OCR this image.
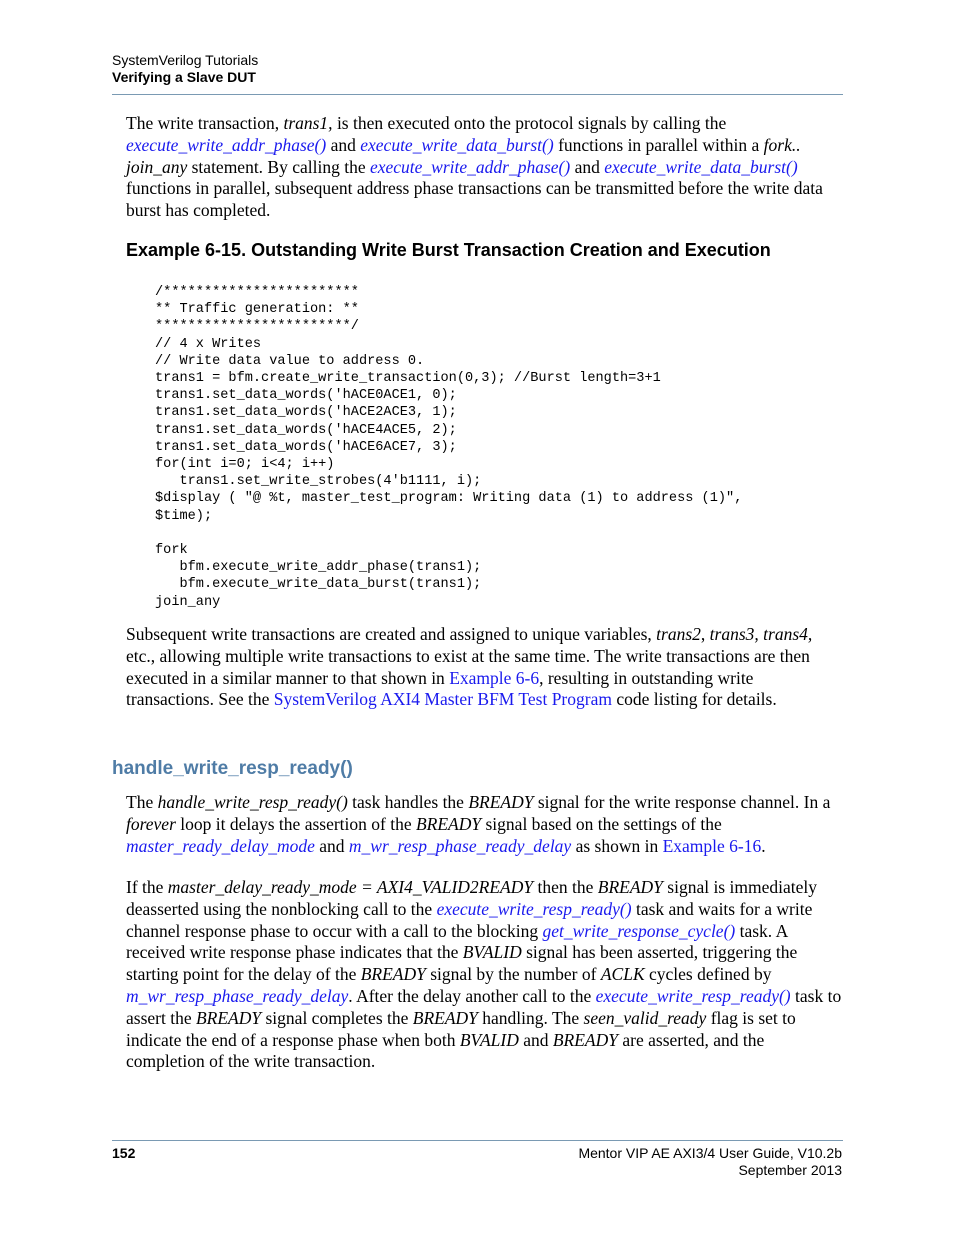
SystemVerilog Tutorials
Verifying a Slave DUT

The write transaction, trans1, is then executed onto the protocol signals by calling the execute_write_addr_phase() and execute_write_data_burst() functions in parallel within a fork.. join_any statement. By calling the execute_write_addr_phase() and execute_write_data_burst() functions in parallel, subsequent address phase transactions can be transmitted before the write data burst has completed.

Example 6-15. Outstanding Write Burst Transaction Creation and Execution
/************************
** Traffic generation: **
************************/
// 4 x Writes
// Write data value to address 0.
trans1 = bfm.create_write_transaction(0,3); //Burst length=3+1
trans1.set_data_words('hACE0ACE1, 0);
trans1.set_data_words('hACE2ACE3, 1);
trans1.set_data_words('hACE4ACE5, 2);
trans1.set_data_words('hACE6ACE7, 3);
for(int i=0; i<4; i++)
trans1.set_write_strobes(4'b1111, i);
$display ( "@ %t, master_test_program: Writing data (1) to address (1)",
$time);

fork
bfm.execute_write_addr_phase(trans1);
bfm.execute_write_data_burst(trans1);
join_any

Subsequent write transactions are created and assigned to unique variables, trans2, trans3, trans4, etc., allowing multiple write transactions to exist at the same time. The write transactions are then executed in a similar manner to that shown in Example 6-6, resulting in outstanding write transactions. See the SystemVerilog AXI4 Master BFM Test Program code listing for details.

handle_write_resp_ready()

The handle_write_resp_ready() task handles the BREADY signal for the write response channel. In a forever loop it delays the assertion of the BREADY signal based on the settings of the master_ready_delay_mode and m_wr_resp_phase_ready_delay as shown in Example 6-16.

If the master_delay_ready_mode = AXI4_VALID2READY then the BREADY signal is immediately deasserted using the nonblocking call to the execute_write_resp_ready() task and waits for a write channel response phase to occur with a call to the blocking get_write_response_cycle() task. A received write response phase indicates that the BVALID signal has been asserted, triggering the starting point for the delay of the BREADY signal by the number of ACLK cycles defined by m_wr_resp_phase_ready_delay. After the delay another call to the execute_write_resp_ready() task to assert the BREADY signal completes the BREADY handling. The seen_valid_ready flag is set to indicate the end of a response phase when both BVALID and BREADY are asserted, and the completion of the write transaction.

152	Mentor VIP AE AXI3/4 User Guide, V10.2b
September 2013
